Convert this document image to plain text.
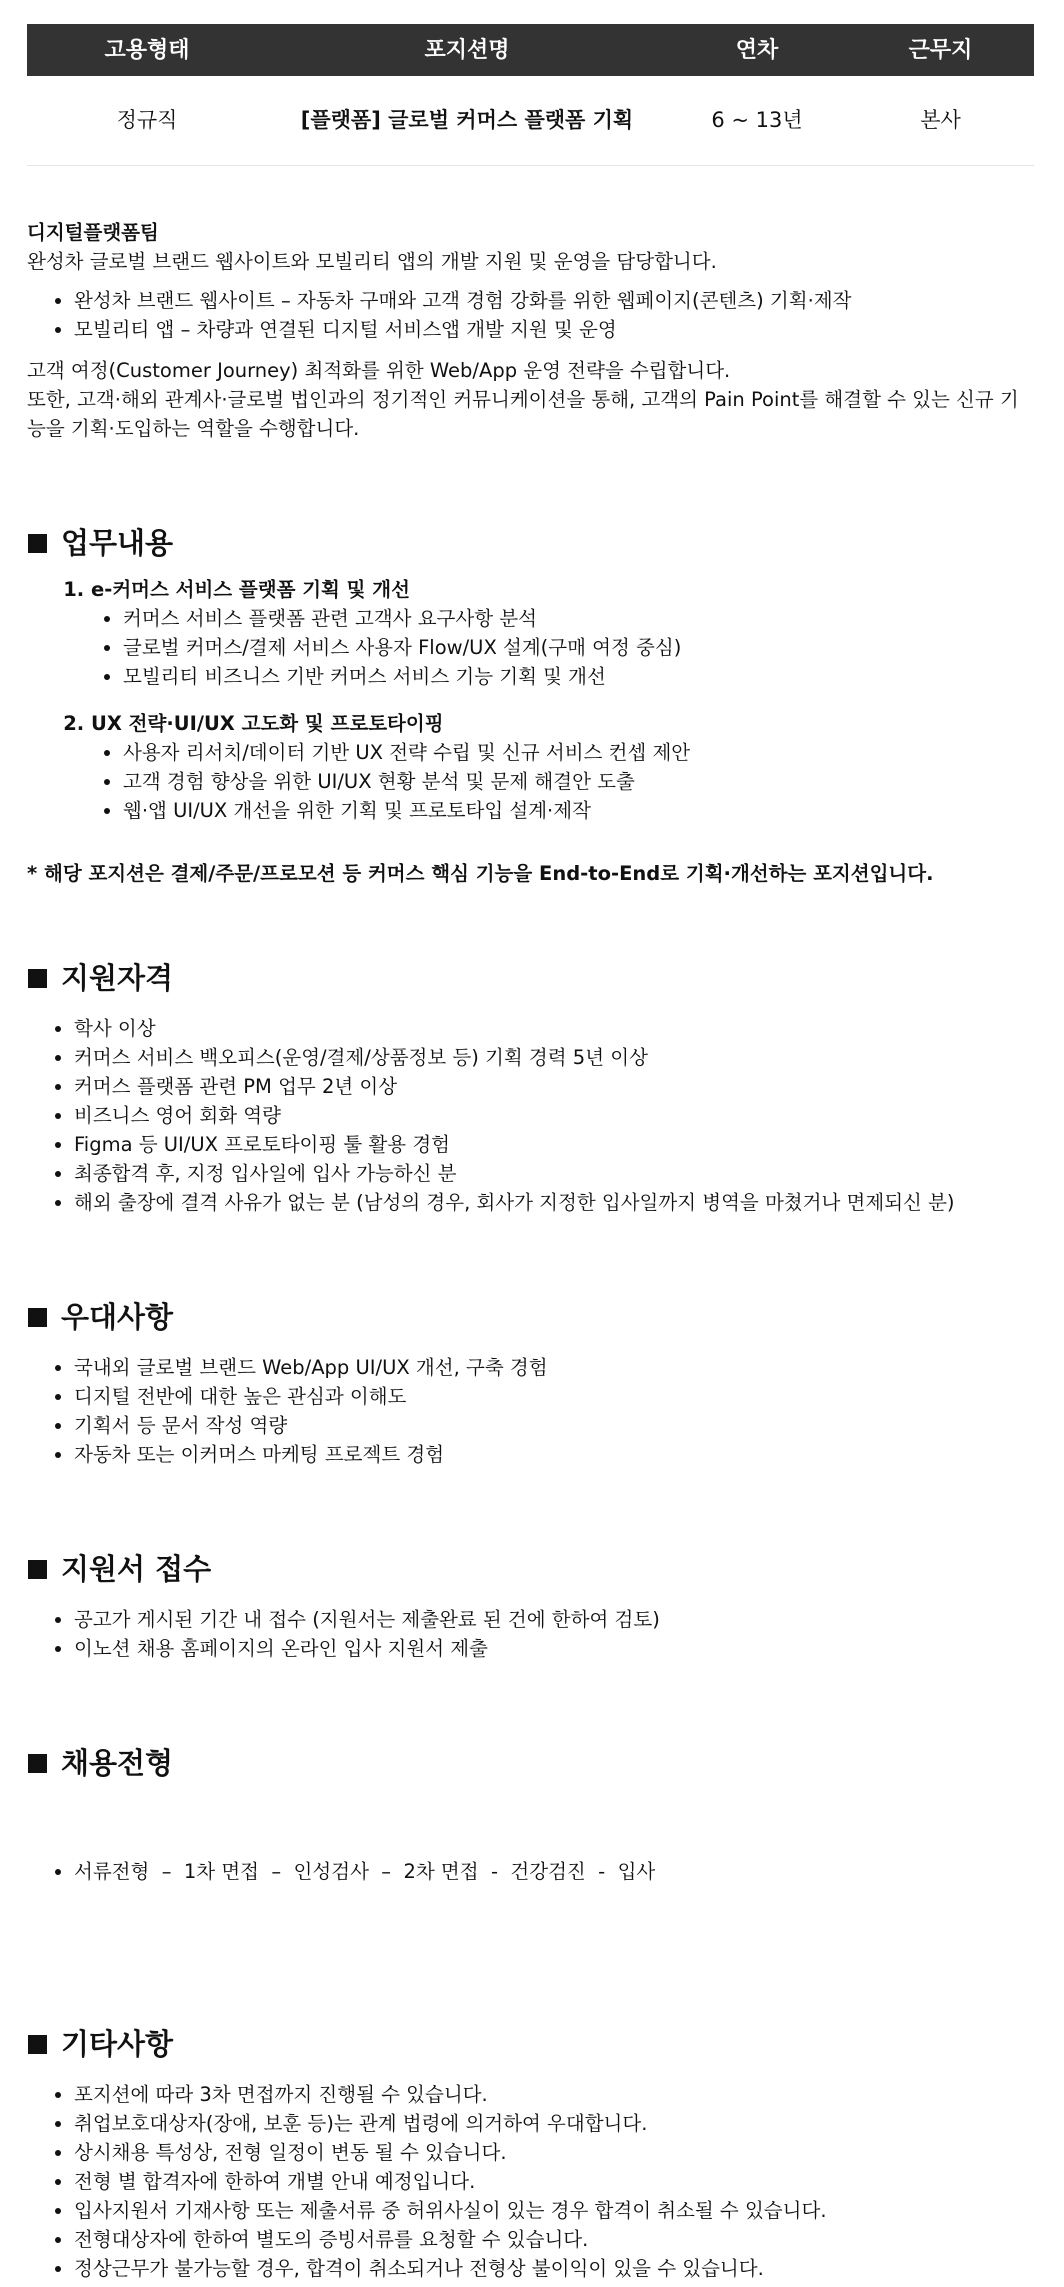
고용형태	포지션명	연차	근무지
정규직	[플랫폼] 글로벌 커머스 플랫폼 기획	6 ~ 13년	본사

디지털플랫폼팀

완성차 글로벌 브랜드 웹사이트와 모빌리티 앱의 개발 지원 및 운영을 담당합니다.

• 완성차 브랜드 웹사이트 – 자동차 구매와 고객 경험 강화를 위한 웹페이지(콘텐츠) 기획·제작
• 모빌리티 앱 – 차량과 연결된 디지털 서비스앱 개발 지원 및 운영

고객 여정(Customer Journey) 최적화를 위한 Web/App 운영 전략을 수립합니다.

또한, 고객·해외 관계사·글로벌 법인과의 정기적인 커뮤니케이션을 통해, 고객의 Pain Point를 해결할 수 있는 신규 기능을 기획·도입하는 역할을 수행합니다.

업무내용
1. e-커머스 서비스 플랫폼 기획 및 개선
• 커머스 서비스 플랫폼 관련 고객사 요구사항 분석
• 글로벌 커머스/결제 서비스 사용자 Flow/UX 설계(구매 여정 중심)
• 모빌리티 비즈니스 기반 커머스 서비스 기능 기획 및 개선
2. UX 전략·UI/UX 고도화 및 프로토타이핑
• 사용자 리서치/데이터 기반 UX 전략 수립 및 신규 서비스 컨셉 제안
• 고객 경험 향상을 위한 UI/UX 현황 분석 및 문제 해결안 도출
• 웹·앱 UI/UX 개선을 위한 기획 및 프로토타입 설계·제작

* 해당 포지션은 결제/주문/프로모션 등 커머스 핵심 기능을 End-to-End로 기획·개선하는 포지션입니다.

지원자격
• 학사 이상
• 커머스 서비스 백오피스(운영/결제/상품정보 등) 기획 경력 5년 이상
• 커머스 플랫폼 관련 PM 업무 2년 이상
• 비즈니스 영어 회화 역량
• Figma 등 UI/UX 프로토타이핑 툴 활용 경험
• 최종합격 후, 지정 입사일에 입사 가능하신 분
• 해외 출장에 결격 사유가 없는 분 (남성의 경우, 회사가 지정한 입사일까지 병역을 마쳤거나 면제되신 분)
우대사항
• 국내외 글로벌 브랜드 Web/App UI/UX 개선, 구축 경험
• 디지털 전반에 대한 높은 관심과 이해도
• 기획서 등 문서 작성 역량
• 자동차 또는 이커머스 마케팅 프로젝트 경험
지원서 접수
• 공고가 게시된 기간 내 접수 (지원서는 제출완료 된 건에 한하여 검토)
• 이노션 채용 홈페이지의 온라인 입사 지원서 제출
채용전형

• 서류전형  –  1차 면접  –  인성검사  –  2차 면접  -  건강검진  -  입사

기타사항
• 포지션에 따라 3차 면접까지 진행될 수 있습니다.
• 취업보호대상자(장애, 보훈 등)는 관계 법령에 의거하여 우대합니다.
• 상시채용 특성상, 전형 일정이 변동 될 수 있습니다.
• 전형 별 합격자에 한하여 개별 안내 예정입니다.
• 입사지원서 기재사항 또는 제출서류 중 허위사실이 있는 경우 합격이 취소될 수 있습니다.
• 전형대상자에 한하여 별도의 증빙서류를 요청할 수 있습니다.
• 정상근무가 불가능할 경우, 합격이 취소되거나 전형상 불이익이 있을 수 있습니다.
